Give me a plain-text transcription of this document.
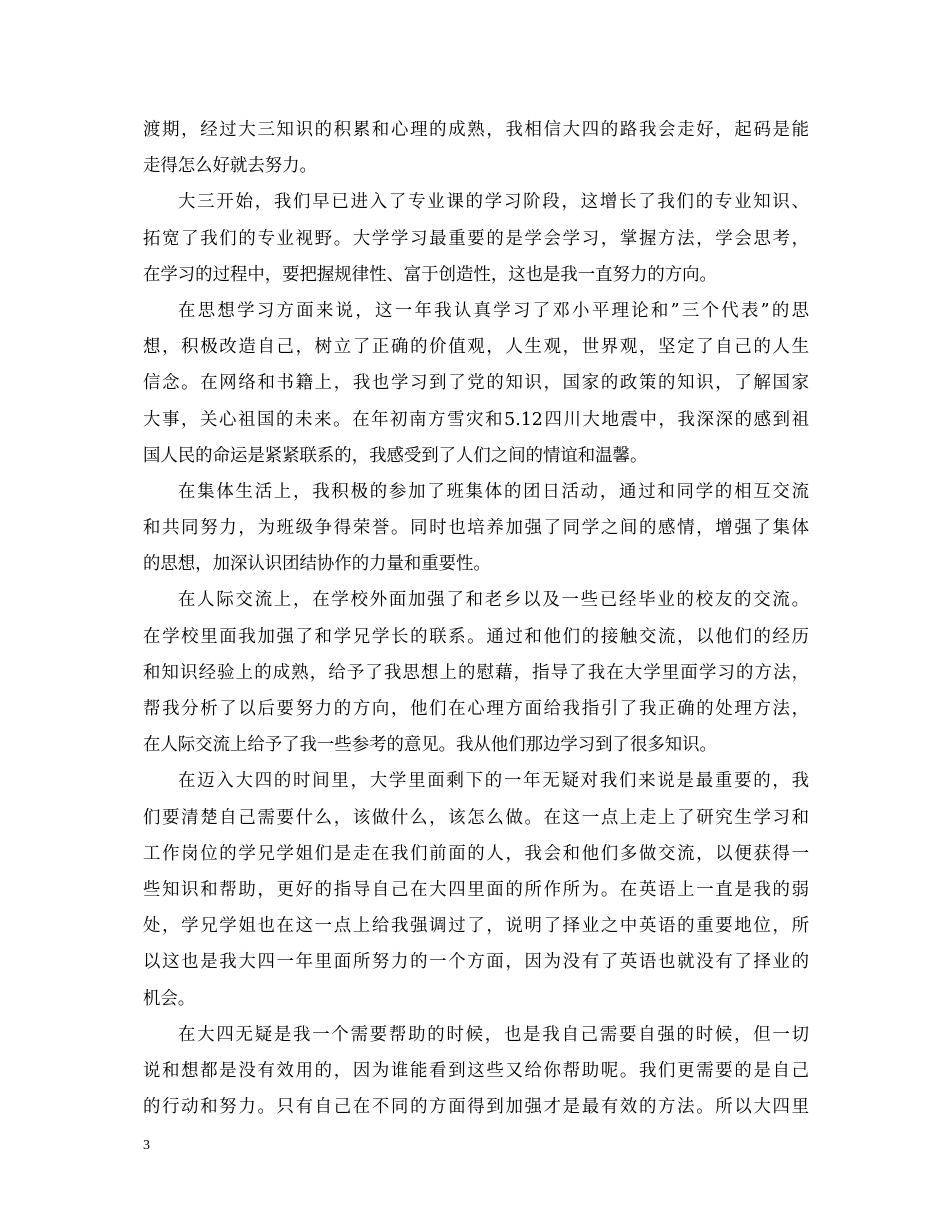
渡期，经过大三知识的积累和心理的成熟，我相信大四的路我会走好，起码是能
走得怎么好就去努力。
大三开始，我们早已进入了专业课的学习阶段，这增长了我们的专业知识、
拓宽了我们的专业视野。大学学习最重要的是学会学习，掌握方法，学会思考，
在学习的过程中，要把握规律性、富于创造性，这也是我一直努力的方向。
在思想学习方面来说，这一年我认真学习了邓小平理论和”三个代表”的思
想，积极改造自己，树立了正确的价值观，人生观，世界观，坚定了自己的人生
信念。在网络和书籍上，我也学习到了党的知识，国家的政策的知识，了解国家
大事，关心祖国的未来。在年初南方雪灾和5.12四川大地震中，我深深的感到祖
国人民的命运是紧紧联系的，我感受到了人们之间的情谊和温馨。
在集体生活上，我积极的参加了班集体的团日活动，通过和同学的相互交流
和共同努力，为班级争得荣誉。同时也培养加强了同学之间的感情，增强了集体
的思想，加深认识团结协作的力量和重要性。
在人际交流上，在学校外面加强了和老乡以及一些已经毕业的校友的交流。
在学校里面我加强了和学兄学长的联系。通过和他们的接触交流，以他们的经历
和知识经验上的成熟，给予了我思想上的慰藉，指导了我在大学里面学习的方法，
帮我分析了以后要努力的方向，他们在心理方面给我指引了我正确的处理方法，
在人际交流上给予了我一些参考的意见。我从他们那边学习到了很多知识。
在迈入大四的时间里，大学里面剩下的一年无疑对我们来说是最重要的，我
们要清楚自己需要什么，该做什么，该怎么做。在这一点上走上了研究生学习和
工作岗位的学兄学姐们是走在我们前面的人，我会和他们多做交流，以便获得一
些知识和帮助，更好的指导自己在大四里面的所作所为。在英语上一直是我的弱
处，学兄学姐也在这一点上给我强调过了，说明了择业之中英语的重要地位，所
以这也是我大四一年里面所努力的一个方面，因为没有了英语也就没有了择业的
机会。
在大四无疑是我一个需要帮助的时候，也是我自己需要自强的时候，但一切
说和想都是没有效用的，因为谁能看到这些又给你帮助呢。我们更需要的是自己
的行动和努力。只有自己在不同的方面得到加强才是最有效的方法。所以大四里
3
